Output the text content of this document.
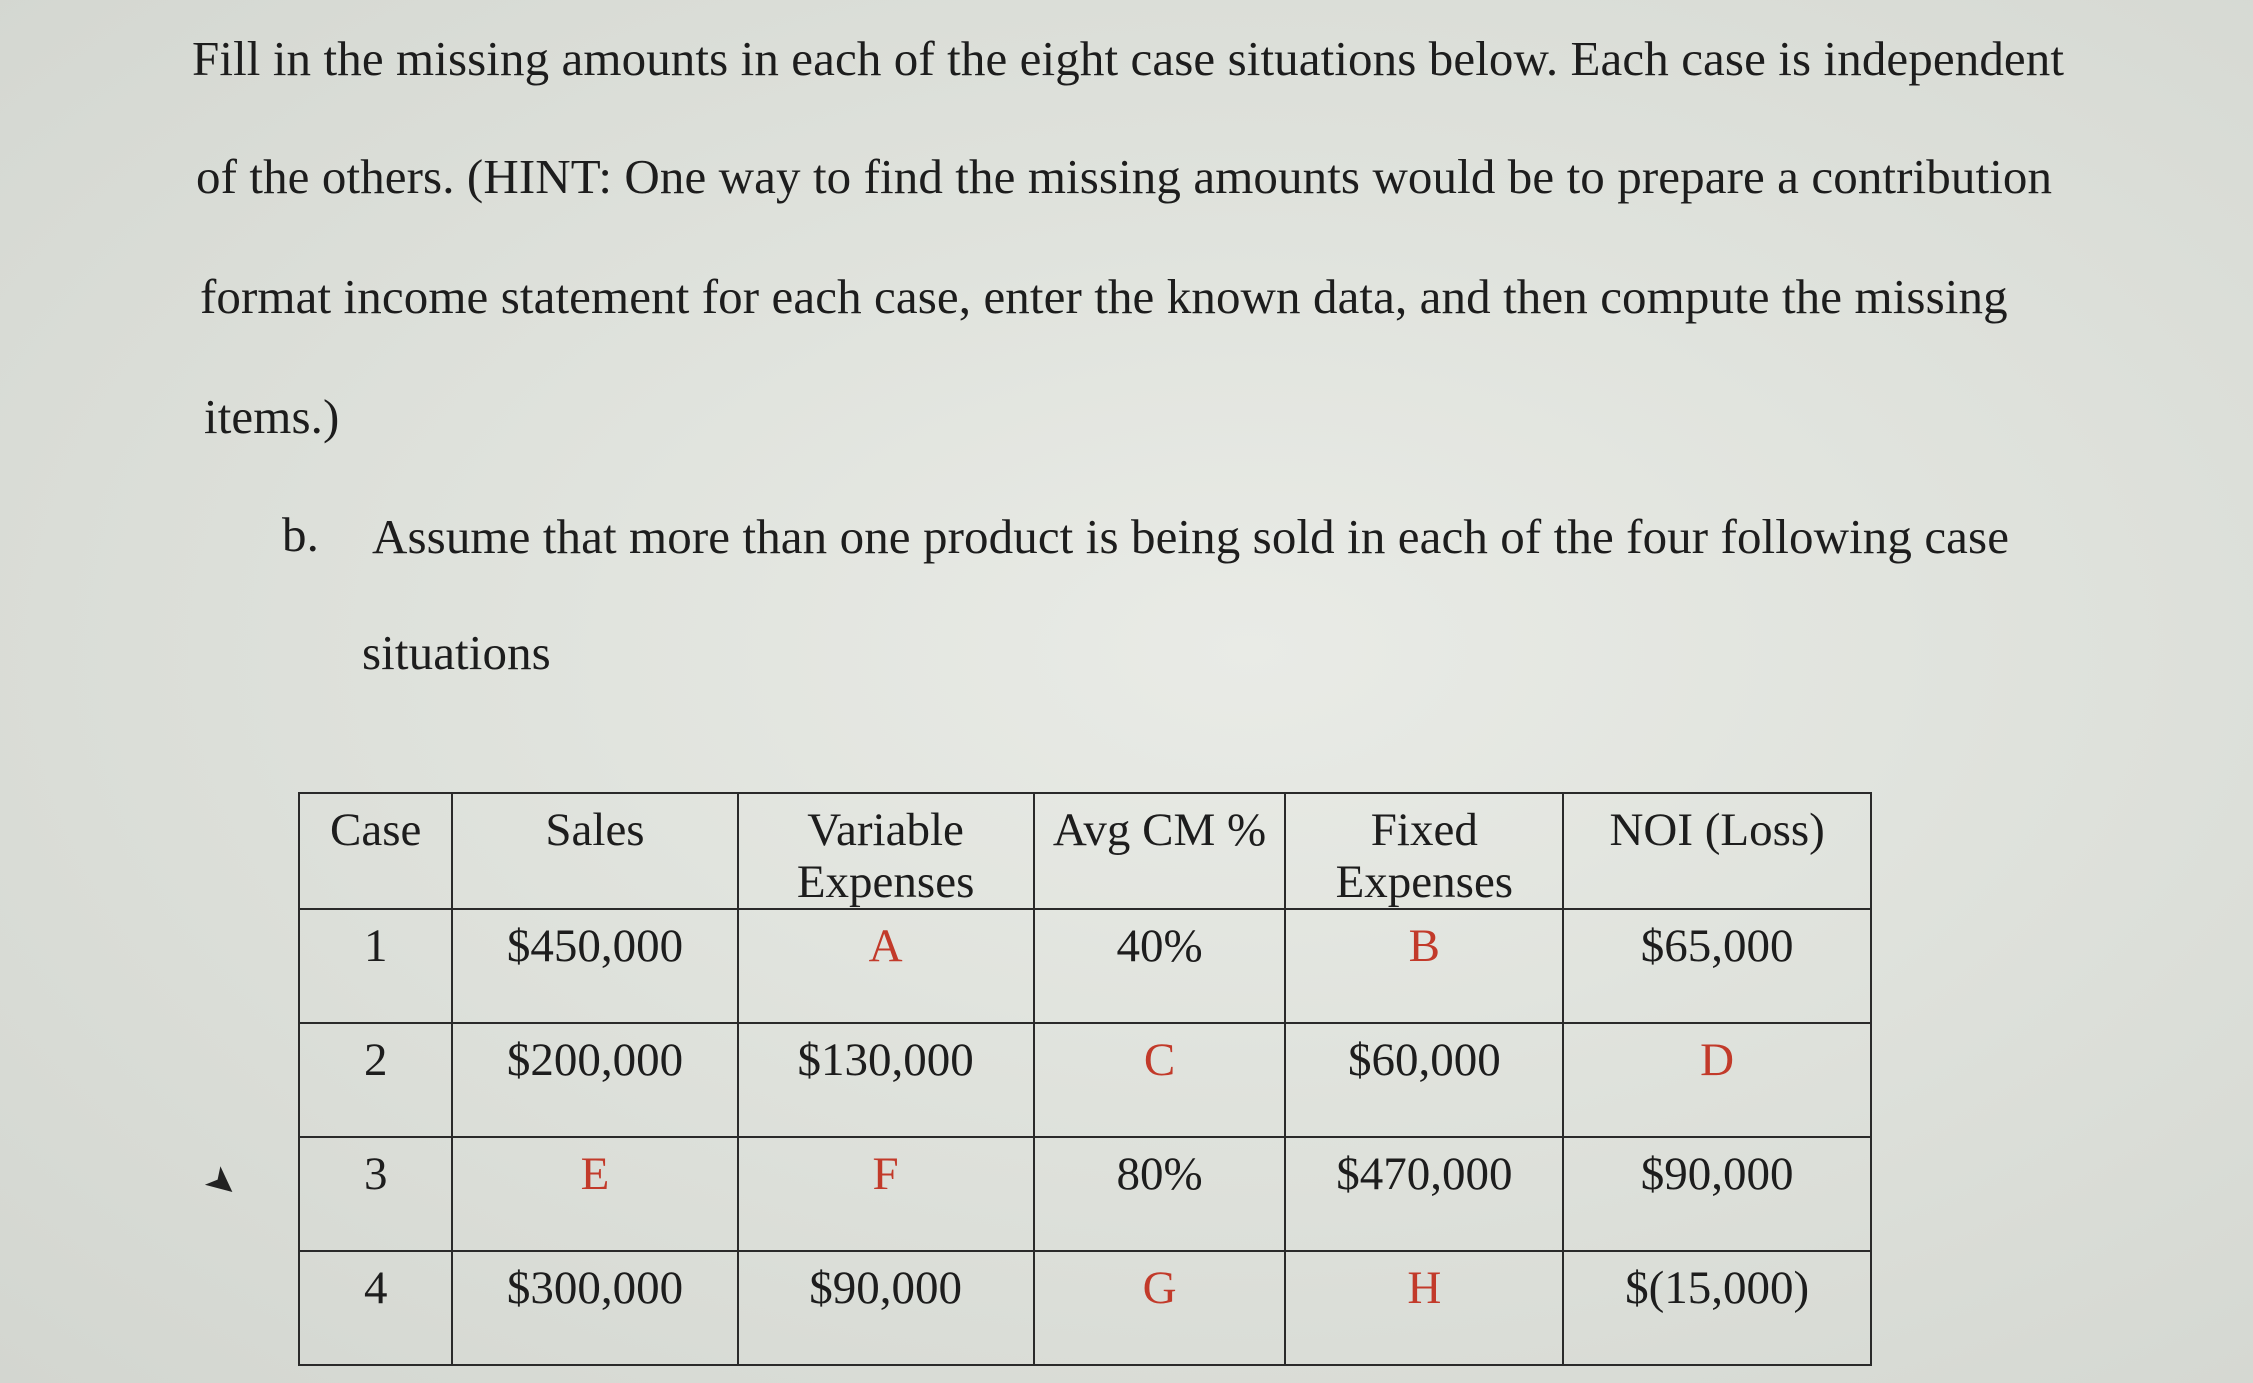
Fill in the missing amounts in each of the eight case situations below. Each case is independent
of the others. (HINT: One way to find the missing amounts would be to prepare a contribution
format income statement for each case, enter the known data, and then compute the missing
items.)
b. Assume that more than one product is being sold in each of the four following case
situations
➤
Case	Sales	Variable Expenses	Avg CM %	Fixed Expenses	NOI (Loss)
1	$450,000	A	40%	B	$65,000
2	$200,000	$130,000	C	$60,000	D
3	E	F	80%	$470,000	$90,000
4	$300,000	$90,000	G	H	$(15,000)
